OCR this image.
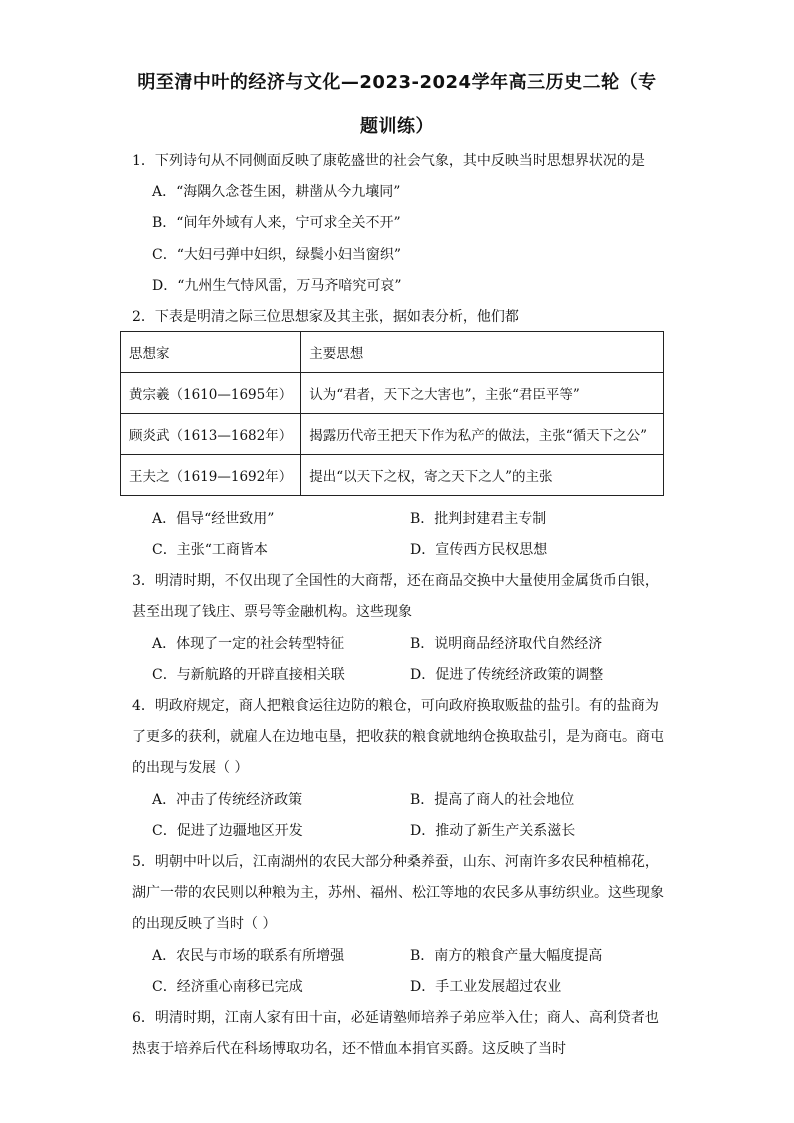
明至清中叶的经济与文化—2023-2024学年高三历史二轮（专
题训练）
1．下列诗句从不同侧面反映了康乾盛世的社会气象，其中反映当时思想界状况的是
A．“海隅久念苍生困，耕凿从今九壤同”
B．“间年外域有人来，宁可求全关不开”
C．“大妇弓弹中妇织，绿鬓小妇当窗织”
D．“九州生气恃风雷，万马齐喑究可哀”
2．下表是明清之际三位思想家及其主张，据如表分析，他们都
思想家	主要思想
黄宗羲（1610—1695年）	认为“君者，天下之大害也”，主张“君臣平等”
顾炎武（1613—1682年）	揭露历代帝王把天下作为私产的做法，主张“循天下之公”
王夫之（1619—1692年）	提出“以天下之权，寄之天下之人”的主张
A．倡导“经世致用”	B．批判封建君主专制
C．主张“工商皆本	D．宣传西方民权思想
3．明清时期，不仅出现了全国性的大商帮，还在商品交换中大量使用金属货币白银，
甚至出现了钱庄、票号等金融机构。这些现象
A．体现了一定的社会转型特征	B．说明商品经济取代自然经济
C．与新航路的开辟直接相关联	D．促进了传统经济政策的调整
4．明政府规定，商人把粮食运往边防的粮仓，可向政府换取贩盐的盐引。有的盐商为
了更多的获利，就雇人在边地屯垦，把收获的粮食就地纳仓换取盐引，是为商屯。商屯
的出现与发展（ ）
A．冲击了传统经济政策	B．提高了商人的社会地位
C．促进了边疆地区开发	D．推动了新生产关系滋长
5．明朝中叶以后，江南湖州的农民大部分种桑养蚕，山东、河南许多农民种植棉花，
湖广一带的农民则以种粮为主，苏州、福州、松江等地的农民多从事纺织业。这些现象
的出现反映了当时（ ）
A．农民与市场的联系有所增强	B．南方的粮食产量大幅度提高
C．经济重心南移已完成	D．手工业发展超过农业
6．明清时期，江南人家有田十亩，必延请塾师培养子弟应举入仕；商人、高利贷者也
热衷于培养后代在科场博取功名，还不惜血本捐官买爵。这反映了当时
